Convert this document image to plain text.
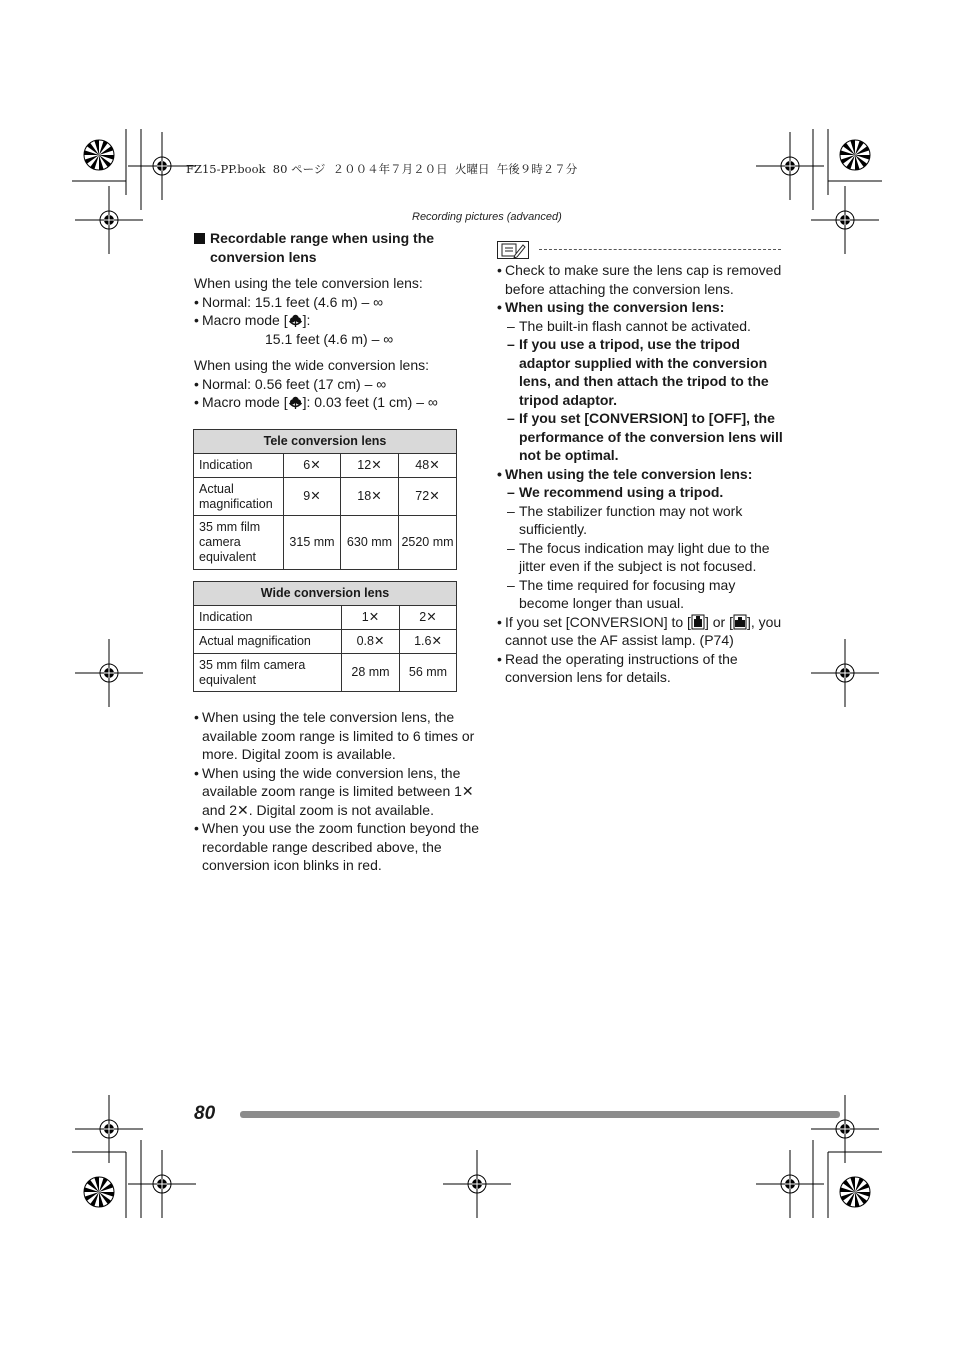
FZ15-PP.book  80 ページ  ２００４年７月２０日  火曜日  午後９時２７分
Recording pictures (advanced)
Recordable range when using the
conversion lens
When using the tele conversion lens:
• Normal: 15.1 feet (4.6 m) – ∞
• Macro mode [ ]:
15.1 feet (4.6 m) – ∞
When using the wide conversion lens:
• Normal: 0.56 feet (17 cm) – ∞
• Macro mode [ ]: 0.03 feet (1 cm) – ∞
Tele conversion lens			
Indication	6✕	12✕	48✕
Actual magnification	9✕	18✕	72✕
35 mm film camera equivalent	315 mm	630 mm	2520 mm
Wide conversion lens		
Indication	1✕	2✕
Actual magnification	0.8✕	1.6✕
35 mm film camera equivalent	28 mm	56 mm
• When using the tele conversion lens, the available zoom range is limited to 6 times or more. Digital zoom is available.
• When using the wide conversion lens, the available zoom range is limited between 1✕ and 2✕. Digital zoom is not available.
• When you use the zoom function beyond the recordable range described above, the conversion icon blinks in red.
• Check to make sure the lens cap is removed before attaching the conversion lens.
• When using the conversion lens:
– The built-in flash cannot be activated.
– If you use a tripod, use the tripod adaptor supplied with the conversion lens, and then attach the tripod to the tripod adaptor.
– If you set [CONVERSION] to [OFF], the performance of the conversion lens will not be optimal.
• When using the tele conversion lens:
– We recommend using a tripod.
– The stabilizer function may not work sufficiently.
– The focus indication may light due to the jitter even if the subject is not focused.
– The time required for focusing may become longer than usual.
• If you set [CONVERSION] to [ ] or [ ], you cannot use the AF assist lamp. (P74)
• Read the operating instructions of the conversion lens for details.
80
